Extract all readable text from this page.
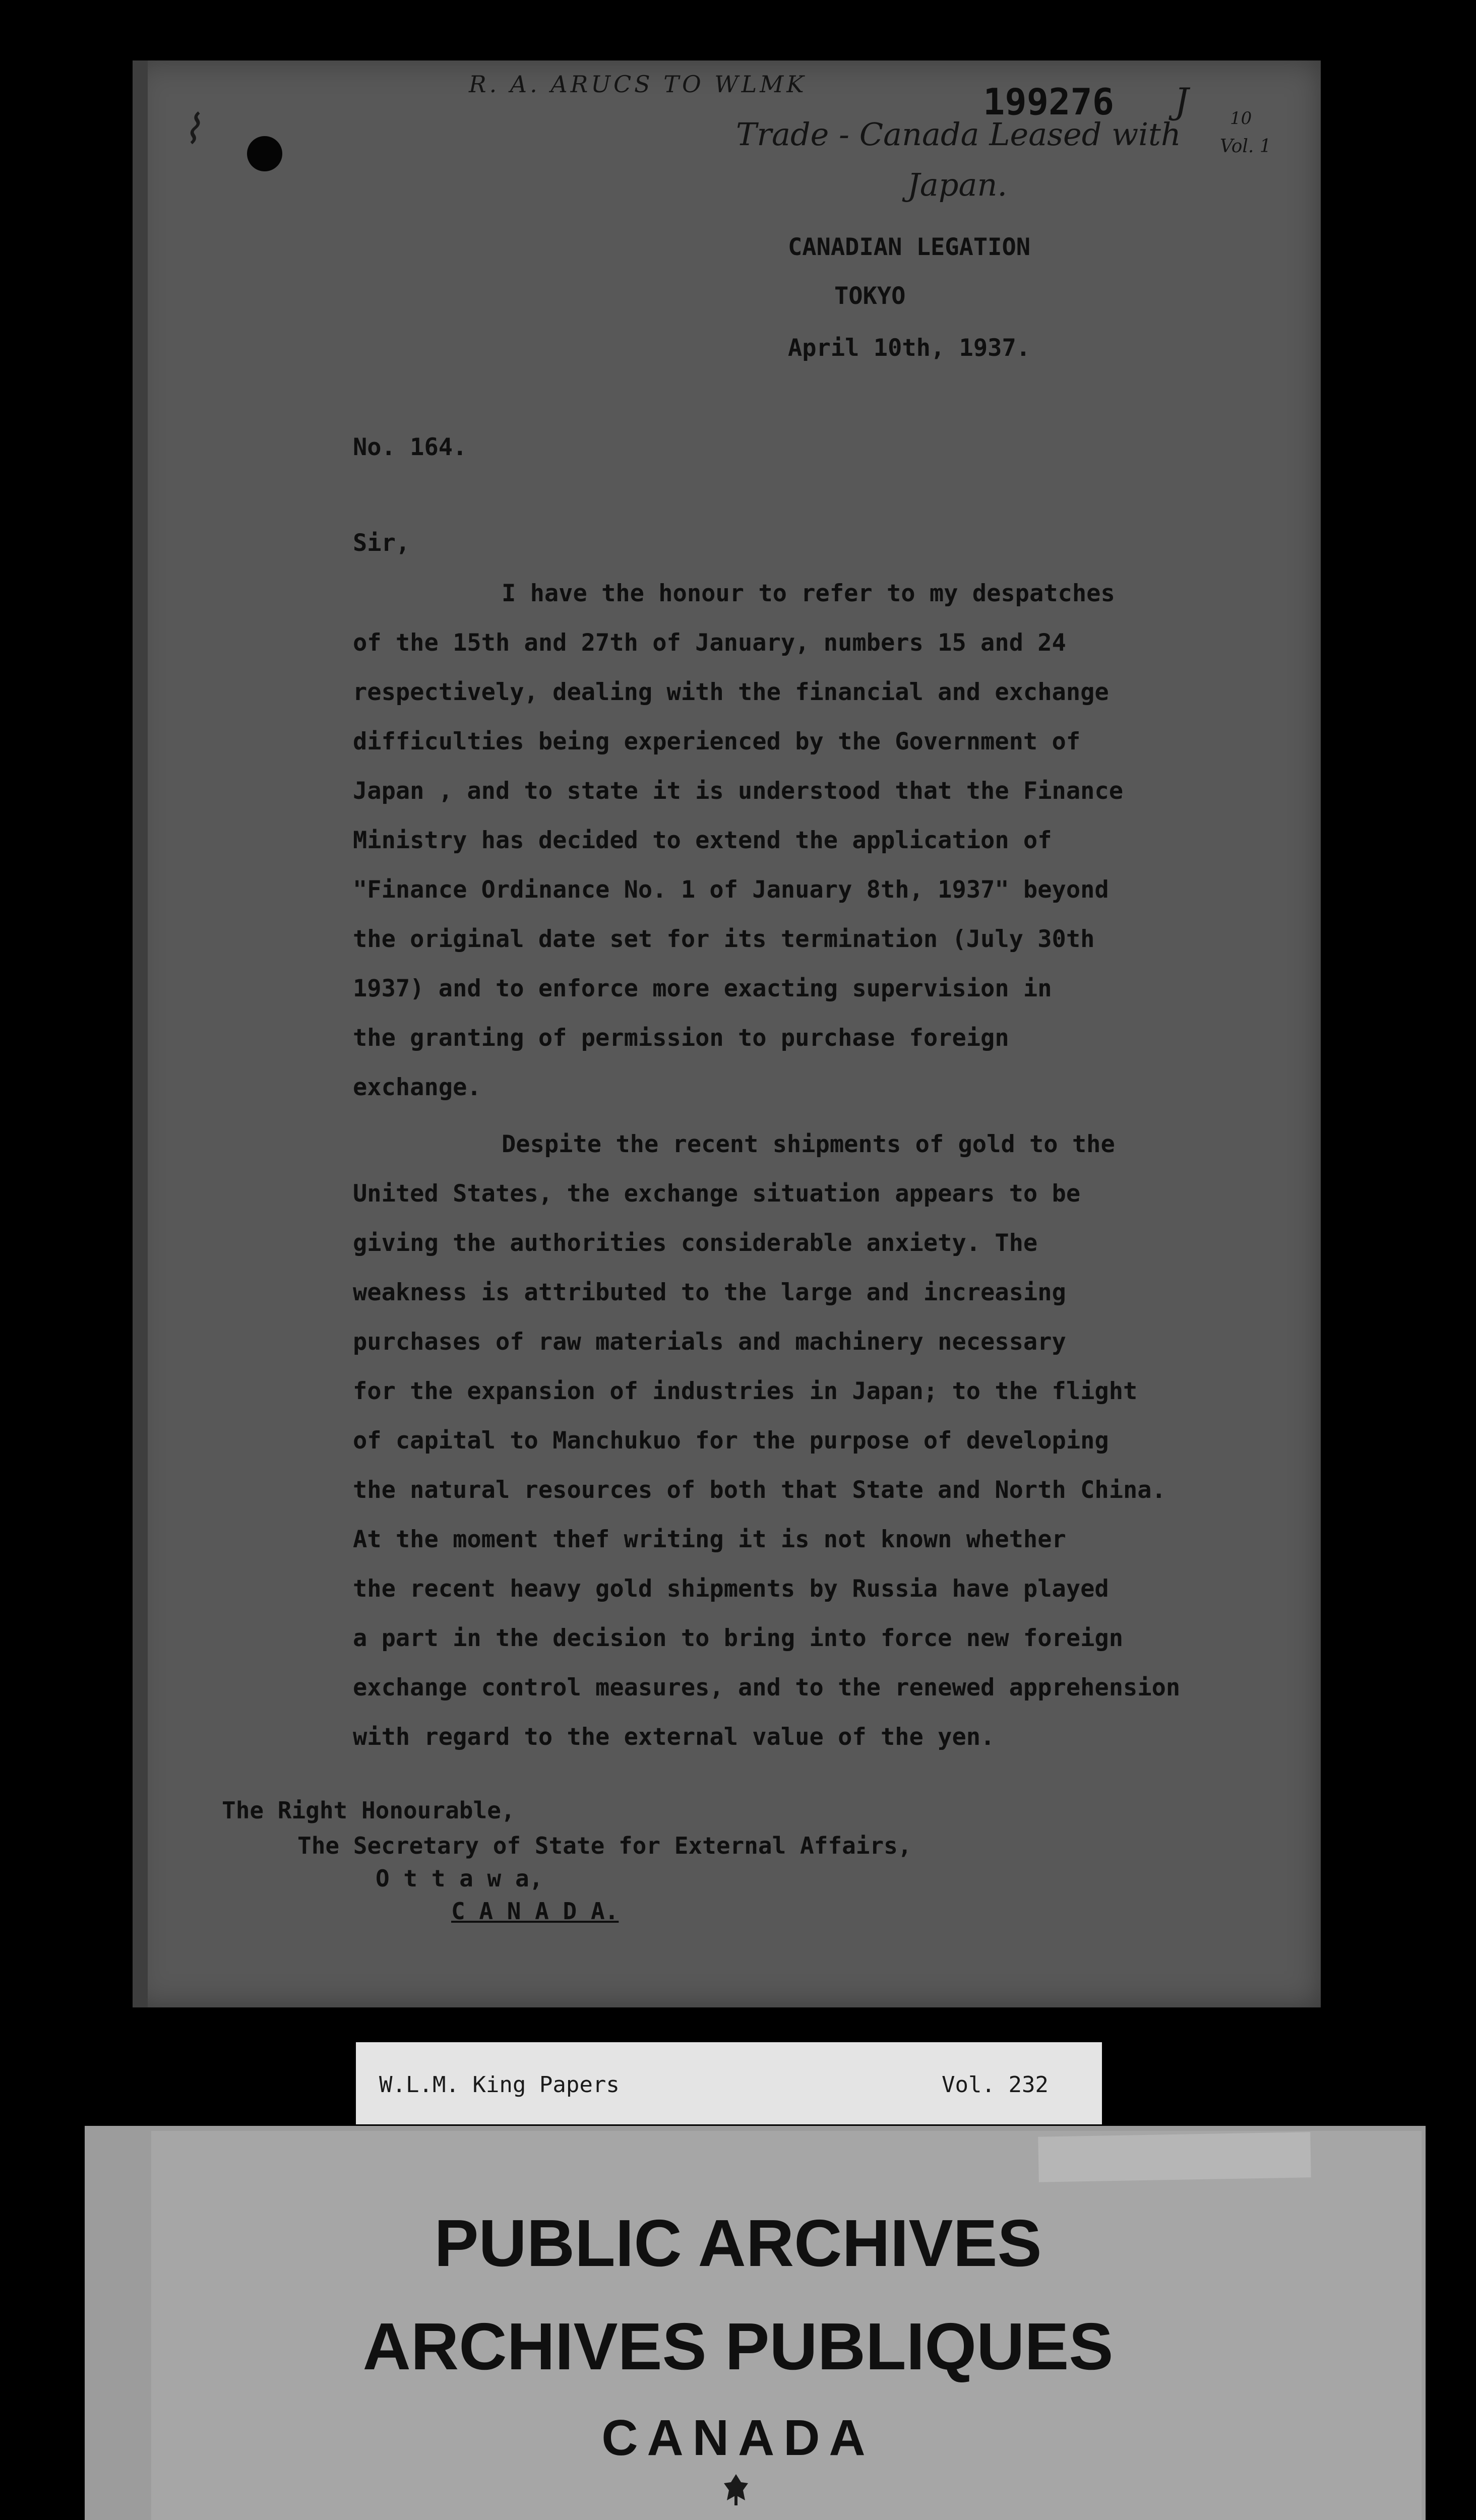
⌇
R. A. ARUCS TO WLMK	199276
Trade - Canada Leased with
Japan.
J 10
Vol. 1
CANADIAN LEGATION
TOKYO
April 10th, 1937.
No. 164.
Sir,
I have the honour to refer to my despatches
of the 15th and 27th of January, numbers 15 and 24
respectively, dealing with the financial and exchange
difficulties being experienced by the Government of
Japan , and to state it is understood that the Finance
Ministry has decided to extend the application of
"Finance Ordinance No. 1 of January 8th, 1937" beyond
the original date set for its termination (July 30th
1937) and to enforce more exacting supervision in
the granting of permission to purchase foreign
exchange.
Despite the recent shipments of gold to the
United States, the exchange situation appears to be
giving the authorities considerable anxiety. The
weakness is attributed to the large and increasing
purchases of raw materials and machinery necessary
for the expansion of industries in Japan; to the flight
of capital to Manchukuo for the purpose of developing
the natural resources of both that State and North China.
At the moment thef writing it is not known whether
the recent heavy gold shipments by Russia have played
a part in the decision to bring into force new foreign
exchange control measures, and to the renewed apprehension
with regard to the external value of the yen.
The Right Honourable,
The Secretary of State for External Affairs,
O t t a w a,
C A N A D A.
W.L.M. King Papers	Vol. 232
PUBLIC ARCHIVES
ARCHIVES PUBLIQUES
CANADA
